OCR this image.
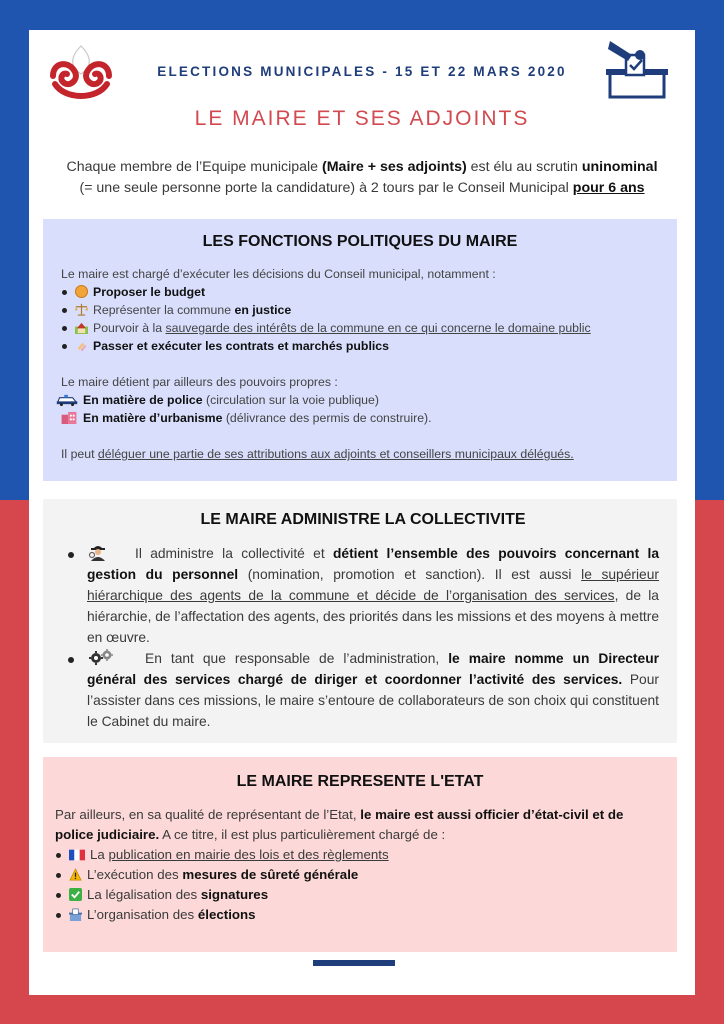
ELECTIONS MUNICIPALES - 15 ET 22 MARS 2020
LE MAIRE ET SES ADJOINTS
Chaque membre de l’Equipe municipale (Maire + ses adjoints) est élu au scrutin uninominal
(= une seule personne porte la candidature) à 2 tours par le Conseil Municipal pour 6 ans
LES FONCTIONS POLITIQUES DU MAIRE
Le maire est chargé d’exécuter les décisions du Conseil municipal, notamment :
Proposer le budget
Représenter la commune en justice
Pourvoir à la sauvegarde des intérêts de la commune en ce qui concerne le domaine public
Passer et exécuter les contrats et marchés publics
Le maire détient par ailleurs des pouvoirs propres :
En matière de police (circulation sur la voie publique)
En matière d’urbanisme (délivrance des permis de construire).
Il peut déléguer une partie de ses attributions aux adjoints et conseillers municipaux délégués.
LE MAIRE ADMINISTRE LA COLLECTIVITE
Il administre la collectivité et détient l’ensemble des pouvoirs concernant la gestion du personnel (nomination, promotion et sanction). Il est aussi le supérieur hiérarchique des agents de la commune et décide de l’organisation des services, de la hiérarchie, de l’affectation des agents, des priorités dans les missions et des moyens à mettre en œuvre.
En tant que responsable de l’administration, le maire nomme un Directeur général des services chargé de diriger et coordonner l’activité des services. Pour l’assister dans ces missions, le maire s’entoure de collaborateurs de son choix qui constituent le Cabinet du maire.
LE MAIRE REPRESENTE L'ETAT
Par ailleurs, en sa qualité de représentant de l’Etat, le maire est aussi officier d’état-civil et de police judiciaire. A ce titre, il est plus particulièrement chargé de :
La publication en mairie des lois et des règlements
L’exécution des mesures de sûreté générale
La légalisation des signatures
L’organisation des élections
